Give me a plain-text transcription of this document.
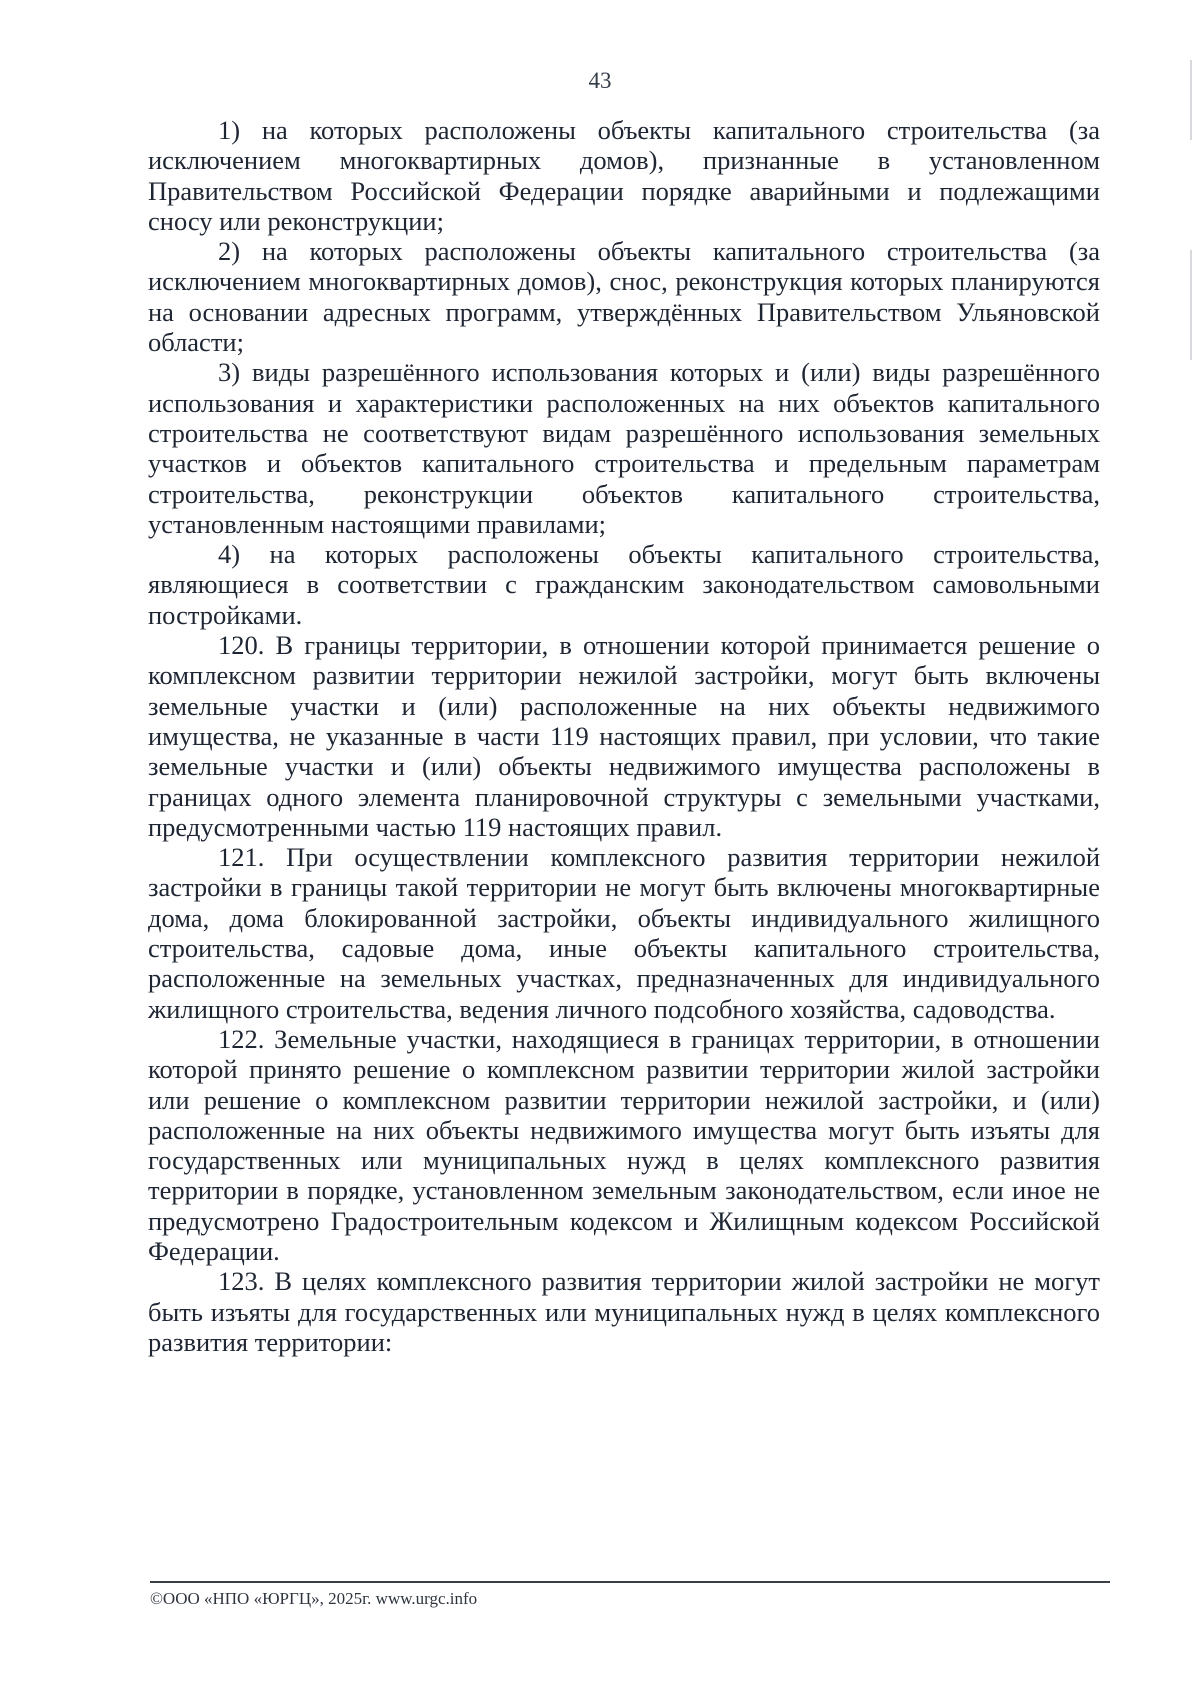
43

1) на которых расположены объекты капитального строительства (за исключением многоквартирных домов), признанные в установленном Правительством Российской Федерации порядке аварийными и подлежащими сносу или реконструкции;

2) на которых расположены объекты капитального строительства (за исключением многоквартирных домов), снос, реконструкция которых планируются на основании адресных программ, утверждённых Правительством Ульяновской области;

3) виды разрешённого использования которых и (или) виды разрешённого использования и характеристики расположенных на них объектов капитального строительства не соответствуют видам разрешённого использования земельных участков и объектов капитального строительства и предельным параметрам строительства, реконструкции объектов капитального строительства, установленным настоящими правилами;

4) на которых расположены объекты капитального строительства, являющиеся в соответствии с гражданским законодательством самовольными постройками.

120. В границы территории, в отношении которой принимается решение о комплексном развитии территории нежилой застройки, могут быть включены земельные участки и (или) расположенные на них объекты недвижимого имущества, не указанные в части 119 настоящих правил, при условии, что такие земельные участки и (или) объекты недвижимого имущества расположены в границах одного элемента планировочной структуры с земельными участками, предусмотренными частью 119 настоящих правил.

121. При осуществлении комплексного развития территории нежилой застройки в границы такой территории не могут быть включены многоквартирные дома, дома блокированной застройки, объекты индивидуального жилищного строительства, садовые дома, иные объекты капитального строительства, расположенные на земельных участках, предназначенных для индивидуального жилищного строительства, ведения личного подсобного хозяйства, садоводства.

122. Земельные участки, находящиеся в границах территории, в отношении которой принято решение о комплексном развитии территории жилой застройки или решение о комплексном развитии территории нежилой застройки, и (или) расположенные на них объекты недвижимого имущества могут быть изъяты для государственных или муниципальных нужд в целях комплексного развития территории в порядке, установленном земельным законодательством, если иное не предусмотрено Градостроительным кодексом и Жилищным кодексом Российской Федерации.

123. В целях комплексного развития территории жилой застройки не могут быть изъяты для государственных или муниципальных нужд в целях комплексного развития территории:

©ООО «НПО «ЮРГЦ», 2025г. www.urgc.info
